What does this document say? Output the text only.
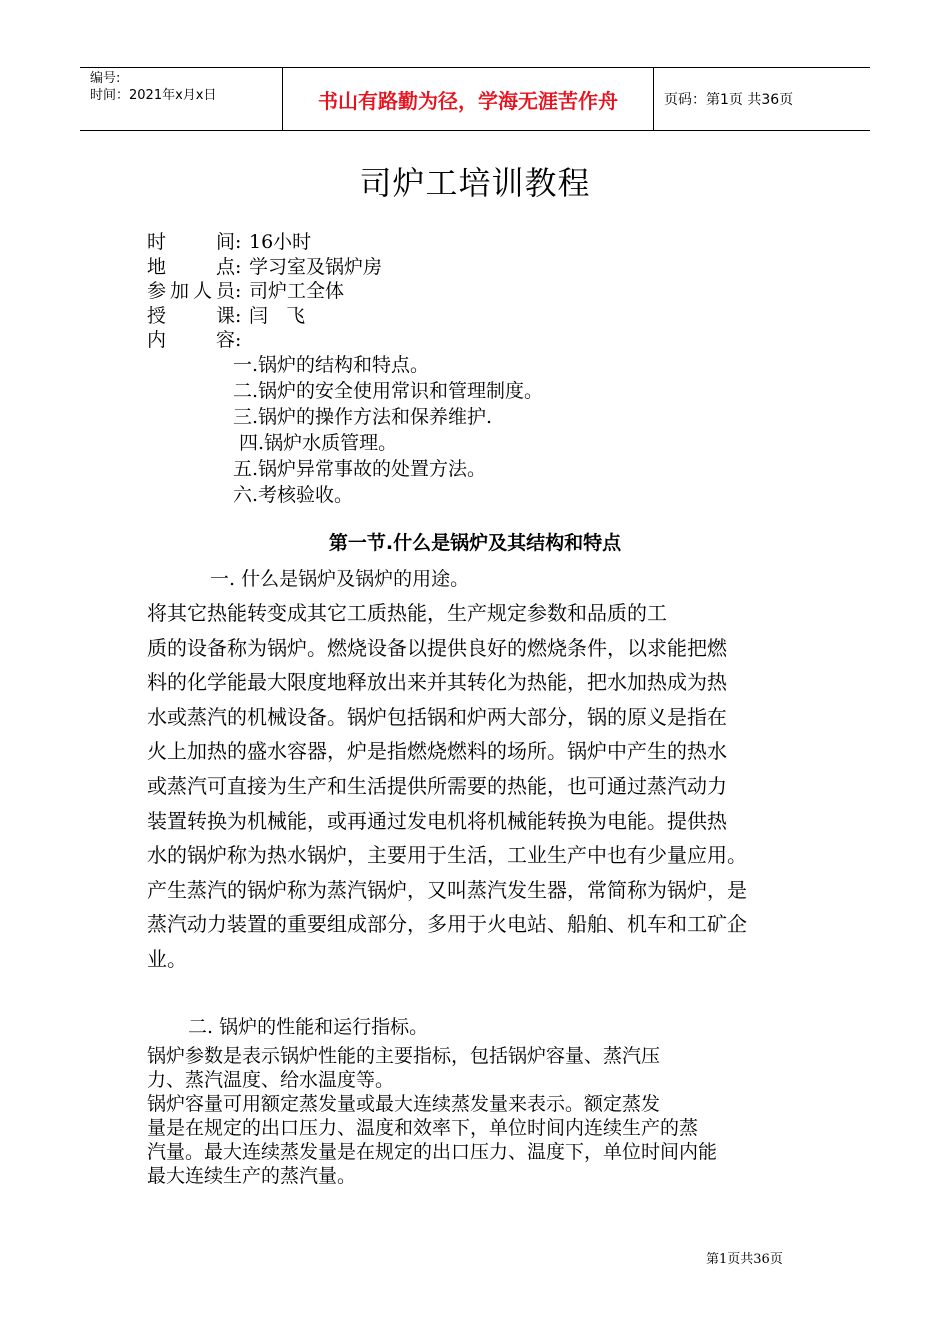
编号:
时间：2021年x月x日	书山有路勤为径，学海无涯苦作舟	页码：第1页 共36页
司炉工培训教程
时间 : 16小时
地点 : 学习室及锅炉房
参加人员 : 司炉工全体
授课 : 闫   飞
内容 :
一.锅炉的结构和特点。
二.锅炉的安全使用常识和管理制度。
三.锅炉的操作方法和保养维护.
四.锅炉水质管理。
五.锅炉异常事故的处置方法。
六.考核验收。
第一节.什么是锅炉及其结构和特点
一. 什么是锅炉及锅炉的用途。
将其它热能转变成其它工质热能，生产规定参数和品质的工
质的设备称为锅炉。燃烧设备以提供良好的燃烧条件，以求能把燃
料的化学能最大限度地释放出来并其转化为热能，把水加热成为热
水或蒸汽的机械设备。锅炉包括锅和炉两大部分，锅的原义是指在
火上加热的盛水容器，炉是指燃烧燃料的场所。锅炉中产生的热水
或蒸汽可直接为生产和生活提供所需要的热能，也可通过蒸汽动力
装置转换为机械能，或再通过发电机将机械能转换为电能。提供热
水的锅炉称为热水锅炉，主要用于生活，工业生产中也有少量应用。
产生蒸汽的锅炉称为蒸汽锅炉，又叫蒸汽发生器，常简称为锅炉，是
蒸汽动力装置的重要组成部分，多用于火电站、船舶、机车和工矿企
业。
二. 锅炉的性能和运行指标。
锅炉参数是表示锅炉性能的主要指标，包括锅炉容量、蒸汽压
力、蒸汽温度、给水温度等。
锅炉容量可用额定蒸发量或最大连续蒸发量来表示。额定蒸发
量是在规定的出口压力、温度和效率下，单位时间内连续生产的蒸
汽量。最大连续蒸发量是在规定的出口压力、温度下，单位时间内能
最大连续生产的蒸汽量。
第1页共36页
